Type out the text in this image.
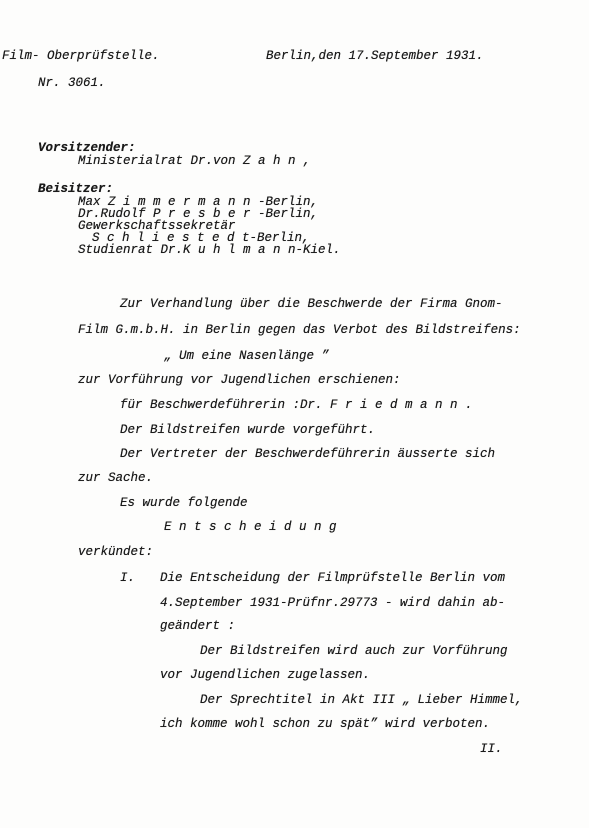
Film- Oberprüfstelle.	Berlin,den 17.September 1931.
Nr. 3061.
Vorsitzender:
Ministerialrat Dr.von Z a h n ,
Beisitzer:
Max Z i m m e r m a n n -Berlin,
Dr.Rudolf P r e s b e r -Berlin,
Gewerkschaftssekretär
S c h l i e s t e d t-Berlin,
Studienrat Dr.K u h l m a n n-Kiel.
Zur Verhandlung über die Beschwerde der Firma Gnom-
Film G.m.b.H. in Berlin gegen das Verbot des Bildstreifens:
„ Um eine Nasenlänge ”
zur Vorführung vor Jugendlichen erschienen:
für Beschwerdeführerin :Dr. F r i e d m a n n .
Der Bildstreifen wurde vorgeführt.
Der Vertreter der Beschwerdeführerin äusserte sich
zur Sache.
Es wurde folgende
E n t s c h e i d u n g
verkündet:
I. Die Entscheidung der Filmprüfstelle Berlin vom
4.September 1931-Prüfnr.29773 - wird dahin ab-
geändert :
Der Bildstreifen wird auch zur Vorführung
vor Jugendlichen zugelassen.
Der Sprechtitel in Akt III „ Lieber Himmel,
ich komme wohl schon zu spät” wird verboten.
II.
